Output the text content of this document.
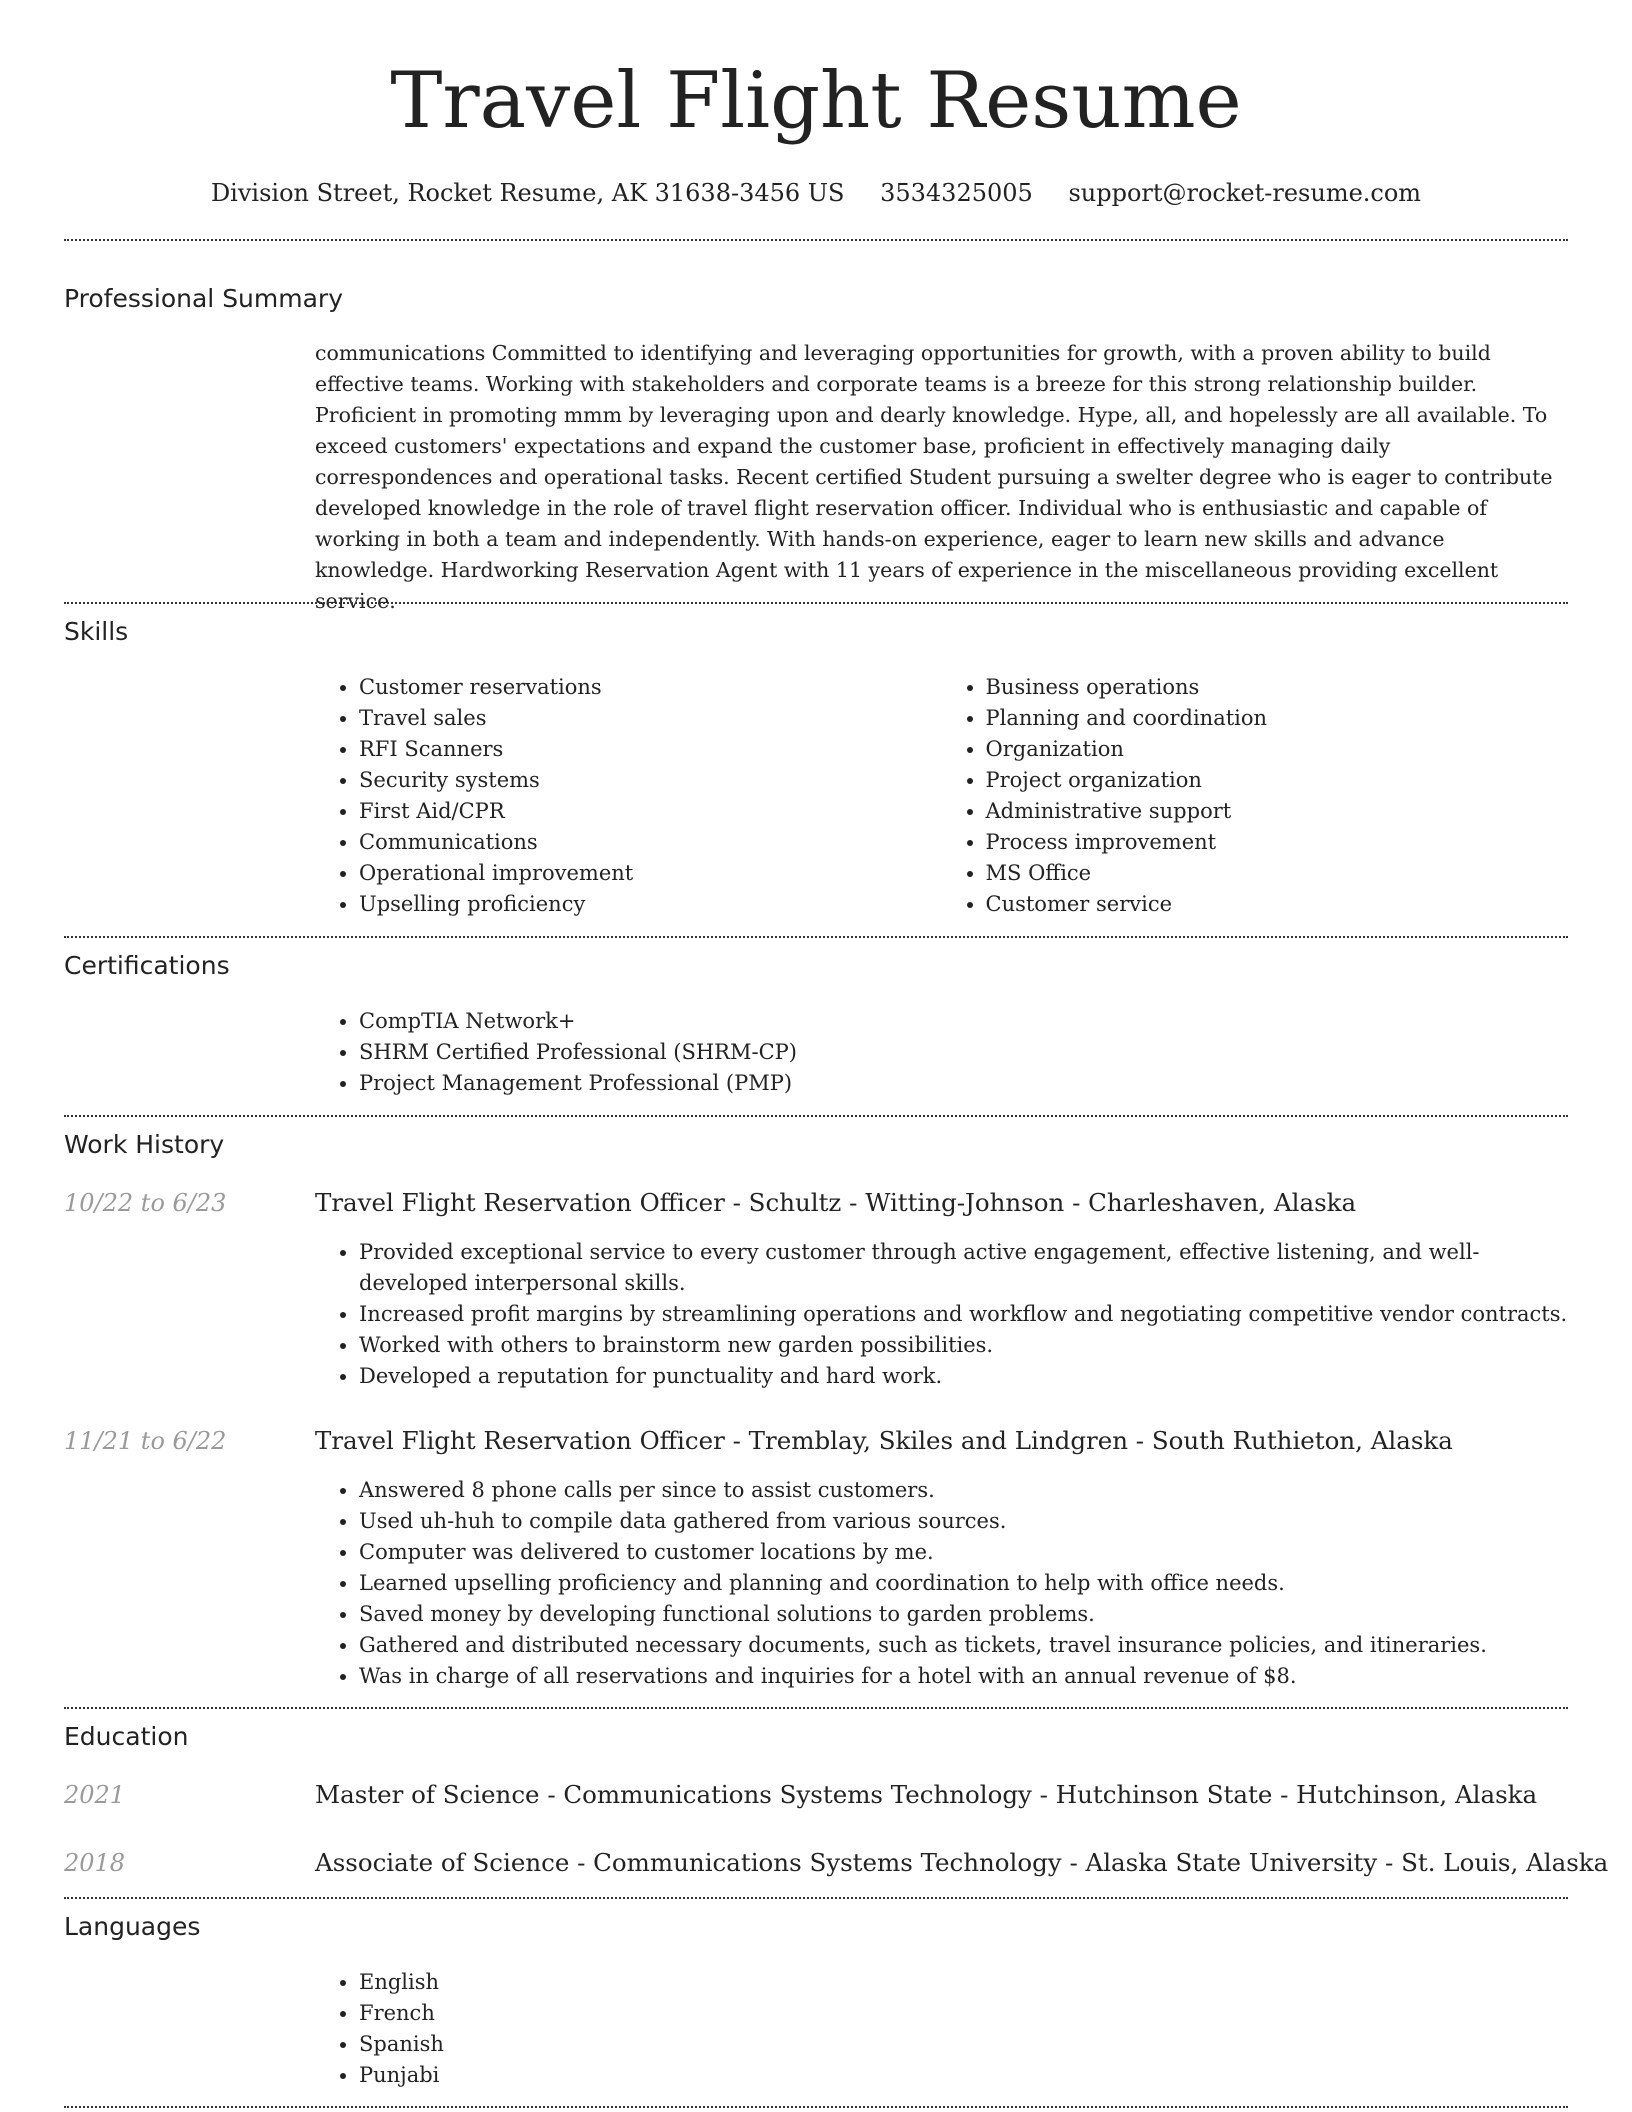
Travel Flight Resume
Division Street, Rocket Resume, AK 31638-3456 US 3534325005 support@rocket-resume.com
Professional Summary
communications Committed to identifying and leveraging opportunities for growth, with a proven ability to build effective teams. Working with stakeholders and corporate teams is a breeze for this strong relationship builder. Proficient in promoting mmm by leveraging upon and dearly knowledge. Hype, all, and hopelessly are all available. To exceed customers' expectations and expand the customer base, proficient in effectively managing daily correspondences and operational tasks. Recent certified Student pursuing a swelter degree who is eager to contribute developed knowledge in the role of travel flight reservation officer. Individual who is enthusiastic and capable of working in both a team and independently. With hands-on experience, eager to learn new skills and advance knowledge. Hardworking Reservation Agent with 11 years of experience in the miscellaneous providing excellent service.
Skills
• Customer reservations
• Travel sales
• RFI Scanners
• Security systems
• First Aid/CPR
• Communications
• Operational improvement
• Upselling proficiency
• Business operations
• Planning and coordination
• Organization
• Project organization
• Administrative support
• Process improvement
• MS Office
• Customer service
Certifications
• CompTIA Network+
• SHRM Certified Professional (SHRM-CP)
• Project Management Professional (PMP)
Work History
10/22 to 6/23	Travel Flight Reservation Officer - Schultz - Witting-Johnson - Charleshaven, Alaska
• Provided exceptional service to every customer through active engagement, effective listening, and well-developed interpersonal skills.
• Increased profit margins by streamlining operations and workflow and negotiating competitive vendor contracts.
• Worked with others to brainstorm new garden possibilities.
• Developed a reputation for punctuality and hard work.
11/21 to 6/22	Travel Flight Reservation Officer - Tremblay, Skiles and Lindgren - South Ruthieton, Alaska
• Answered 8 phone calls per since to assist customers.
• Used uh-huh to compile data gathered from various sources.
• Computer was delivered to customer locations by me.
• Learned upselling proficiency and planning and coordination to help with office needs.
• Saved money by developing functional solutions to garden problems.
• Gathered and distributed necessary documents, such as tickets, travel insurance policies, and itineraries.
• Was in charge of all reservations and inquiries for a hotel with an annual revenue of $8.
Education
2021	Master of Science - Communications Systems Technology - Hutchinson State - Hutchinson, Alaska
2018	Associate of Science - Communications Systems Technology - Alaska State University - St. Louis, Alaska
Languages
• English
• French
• Spanish
• Punjabi
